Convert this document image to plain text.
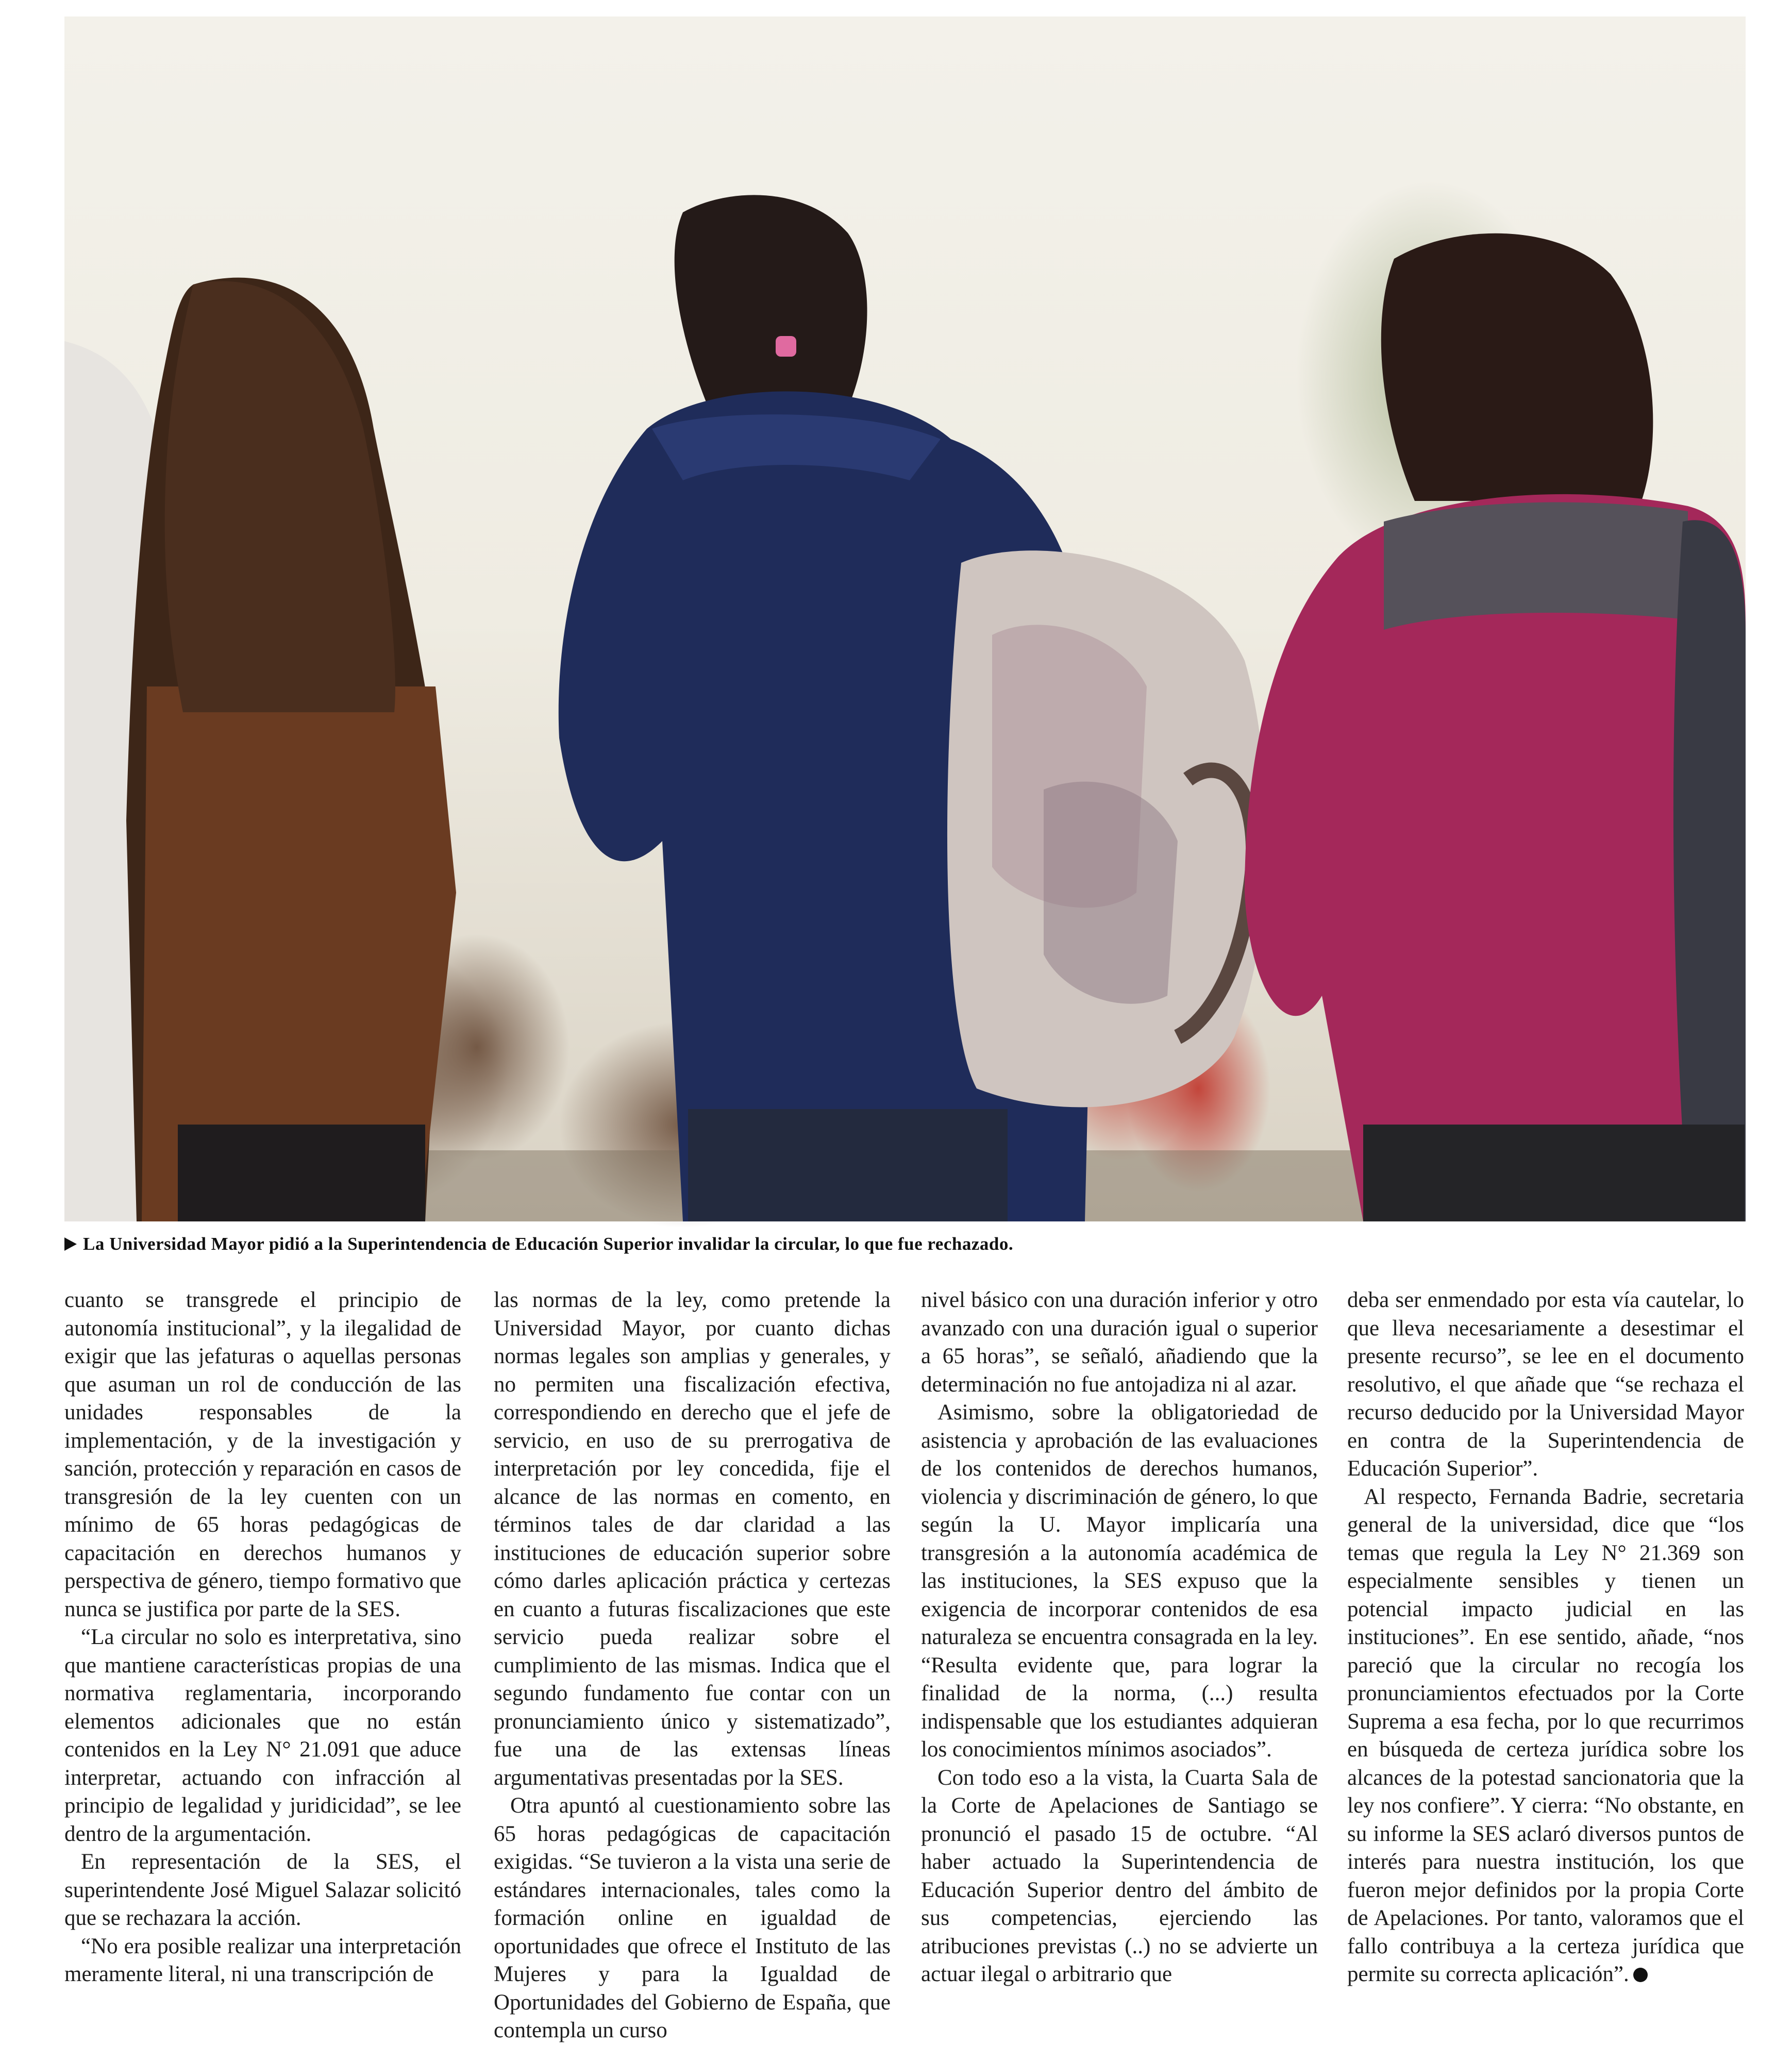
La Universidad Mayor pidió a la Superintendencia de Educación Superior invalidar la circular, lo que fue rechazado.

cuanto se transgrede el principio de autonomía institucional”, y la ilegalidad de exigir que las jefaturas o aquellas personas que asuman un rol de conducción de las unidades responsables de la implementación, y de la investigación y sanción, protección y reparación en casos de transgresión de la ley cuenten con un mínimo de 65 horas pedagógicas de capacitación en derechos humanos y perspectiva de género, tiempo formativo que nunca se justifica por parte de la SES.

“La circular no solo es interpretativa, sino que mantiene características propias de una normativa reglamentaria, incorporando elementos adicionales que no están contenidos en la Ley N° 21.091 que aduce interpretar, actuando con infracción al principio de legalidad y juridicidad”, se lee dentro de la argumentación.

En representación de la SES, el superintendente José Miguel Salazar solicitó que se rechazara la acción.

“No era posible realizar una interpretación meramente literal, ni una transcripción de

las normas de la ley, como pretende la Universidad Mayor, por cuanto dichas normas legales son amplias y generales, y no permiten una fiscalización efectiva, correspondiendo en derecho que el jefe de servicio, en uso de su prerrogativa de interpretación por ley concedida, fije el alcance de las normas en comento, en términos tales de dar claridad a las instituciones de educación superior sobre cómo darles aplicación práctica y certezas en cuanto a futuras fiscalizaciones que este servicio pueda realizar sobre el cumplimiento de las mismas. Indica que el segundo fundamento fue contar con un pronunciamiento único y sistematizado”, fue una de las extensas líneas argumentativas presentadas por la SES.

Otra apuntó al cuestionamiento sobre las 65 horas pedagógicas de capacitación exigidas. “Se tuvieron a la vista una serie de estándares internacionales, tales como la formación online en igualdad de oportunidades que ofrece el Instituto de las Mujeres y para la Igualdad de Oportunidades del Gobierno de España, que contempla un curso

nivel básico con una duración inferior y otro avanzado con una duración igual o superior a 65 horas”, se señaló, añadiendo que la determinación no fue antojadiza ni al azar.

Asimismo, sobre la obligatoriedad de asistencia y aprobación de las evaluaciones de los contenidos de derechos humanos, violencia y discriminación de género, lo que según la U. Mayor implicaría una transgresión a la autonomía académica de las instituciones, la SES expuso que la exigencia de incorporar contenidos de esa naturaleza se encuentra consagrada en la ley. “Resulta evidente que, para lograr la finalidad de la norma, (...) resulta indispensable que los estudiantes adquieran los conocimientos mínimos asociados”.

Con todo eso a la vista, la Cuarta Sala de la Corte de Apelaciones de Santiago se pronunció el pasado 15 de octubre. “Al haber actuado la Superintendencia de Educación Superior dentro del ámbito de sus competencias, ejerciendo las atribuciones previstas (..) no se advierte un actuar ilegal o arbitrario que

deba ser enmendado por esta vía cautelar, lo que lleva necesariamente a desestimar el presente recurso”, se lee en el documento resolutivo, el que añade que “se rechaza el recurso deducido por la Universidad Mayor en contra de la Superintendencia de Educación Superior”.

Al respecto, Fernanda Badrie, secretaria general de la universidad, dice que “los temas que regula la Ley N° 21.369 son especialmente sensibles y tienen un potencial impacto judicial en las instituciones”. En ese sentido, añade, “nos pareció que la circular no recogía los pronunciamientos efectuados por la Corte Suprema a esa fecha, por lo que recurrimos en búsqueda de certeza jurídica sobre los alcances de la potestad sancionatoria que la ley nos confiere”. Y cierra: “No obstante, en su informe la SES aclaró diversos puntos de interés para nuestra institución, los que fueron mejor definidos por la propia Corte de Apelaciones. Por tanto, valoramos que el fallo contribuya a la certeza jurídica que permite su correcta aplicación”.
